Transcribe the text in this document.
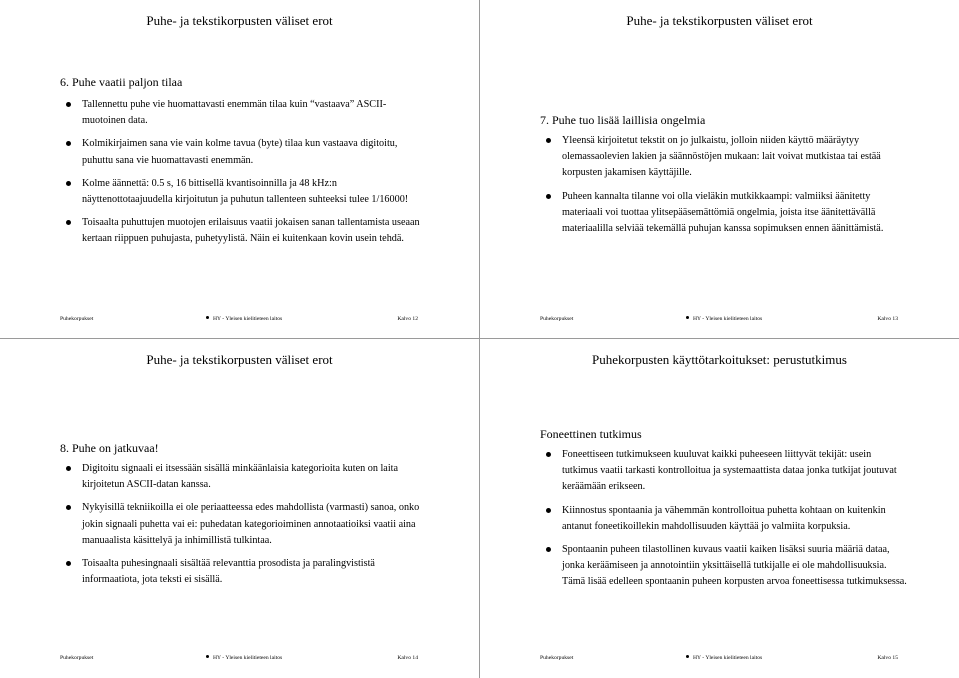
Puhe- ja tekstikorpusten väliset erot
6. Puhe vaatii paljon tilaa
Tallennettu puhe vie huomattavasti enemmän tilaa kuin “vastaava” ASCII-muotoinen data.
Kolmikirjaimen sana vie vain kolme tavua (byte) tilaa kun vastaava digitoitu, puhuttu sana vie huomattavasti enemmän.
Kolme äännettä: 0.5 s, 16 bittisellä kvantisoinnilla ja 48 kHz:n näyttenottotaajuudella kirjoitutun ja puhutun tallenteen suhteeksi tulee 1/16000!
Toisaalta puhuttujen muotojen erilaisuus vaatii jokaisen sanan tallentamista useaan kertaan riippuen puhujasta, puhetyylistä. Näin ei kuitenkaan kovin usein tehdä.
Puhekorpukset	HY - Yleisen kielitieteen laitos	Kalvo 12
Puhe- ja tekstikorpusten väliset erot
7. Puhe tuo lisää laillisia ongelmia
Yleensä kirjoitetut tekstit on jo julkaistu, jolloin niiden käyttö määräytyy olemassaolevien lakien ja säännöstöjen mukaan: lait voivat mutkistaa tai estää korpusten jakamisen käyttäjille.
Puheen kannalta tilanne voi olla vieläkin mutkikkaampi: valmiiksi äänitetty materiaali voi tuottaa ylitsepääsemättömiä ongelmia, joista itse äänitettävällä materiaalilla selviää tekemällä puhujan kanssa sopimuksen ennen äänittämistä.
Puhekorpukset	HY - Yleisen kielitieteen laitos	Kalvo 13
Puhe- ja tekstikorpusten väliset erot
8. Puhe on jatkuvaa!
Digitoitu signaali ei itsessään sisällä minkäänlaisia kategorioita kuten on laita kirjoitetun ASCII-datan kanssa.
Nykyisillä tekniikoilla ei ole periaatteessa edes mahdollista (varmasti) sanoa, onko jokin signaali puhetta vai ei: puhedatan kategorioiminen annotaatioiksi vaatii aina manuaalista käsittelyä ja inhimillistä tulkintaa.
Toisaalta puhesingnaali sisältää relevanttia prosodista ja paralingvististä informaatiota, jota teksti ei sisällä.
Puhekorpukset	HY - Yleisen kielitieteen laitos	Kalvo 14
Puhekorpusten käyttötarkoitukset: perustutkimus
Foneettinen tutkimus
Foneettiseen tutkimukseen kuuluvat kaikki puheeseen liittyvät tekijät: usein tutkimus vaatii tarkasti kontrolloitua ja systemaattista dataa jonka tutkijat joutuvat keräämään erikseen.
Kiinnostus spontaania ja vähemmän kontrolloitua puhetta kohtaan on kuitenkin antanut foneetikoillekin mahdollisuuden käyttää jo valmiita korpuksia.
Spontaanin puheen tilastollinen kuvaus vaatii kaiken lisäksi suuria määriä dataa, jonka keräämiseen ja annotointiin yksittäisellä tutkijalle ei ole mahdollisuuksia. Tämä lisää edelleen spontaanin puheen korpusten arvoa foneettisessa tutkimuksessa.
Puhekorpukset	HY - Yleisen kielitieteen laitos	Kalvo 15
